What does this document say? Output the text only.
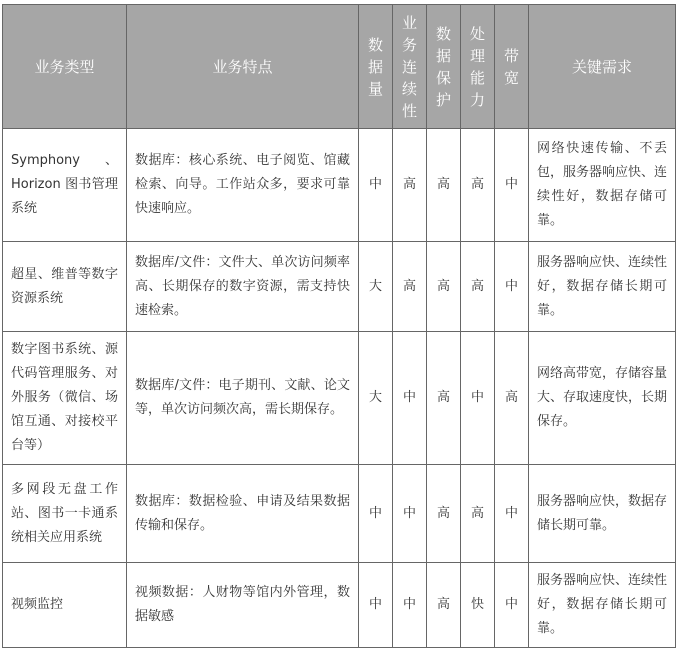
业务类型	业务特点	数据量	业务连续性	数据保护	处理能力	带宽	关键需求
Symphony　、Horizon 图书管理系统	数据库：核心系统、电子阅览、馆藏检索、向导。工作站众多，要求可靠快速响应。	中	高	高	高	中	网络快速传输、不丢包，服务器响应快、连续性好，数据存储可靠。
超星、维普等数字资源系统	数据库/文件：文件大、单次访问频率高、长期保存的数字资源，需支持快速检索。	大	高	高	高	中	服务器响应快、连续性好，数据存储长期可靠。
数字图书系统、源代码管理服务、对外服务（微信、场馆互通、对接校平台等）	数据库/文件：电子期刊、文献、论文等，单次访问频次高，需长期保存。	大	中	高	中	高	网络高带宽，存储容量大、存取速度快，长期保存。
多网段无盘工作站、图书一卡通系统相关应用系统	数据库：数据检验、申请及结果数据传输和保存。	中	中	高	高	中	服务器响应快，数据存储长期可靠。
视频监控	视频数据：人财物等馆内外管理，数据敏感	中	中	高	快	中	服务器响应快、连续性好，数据存储长期可靠。
